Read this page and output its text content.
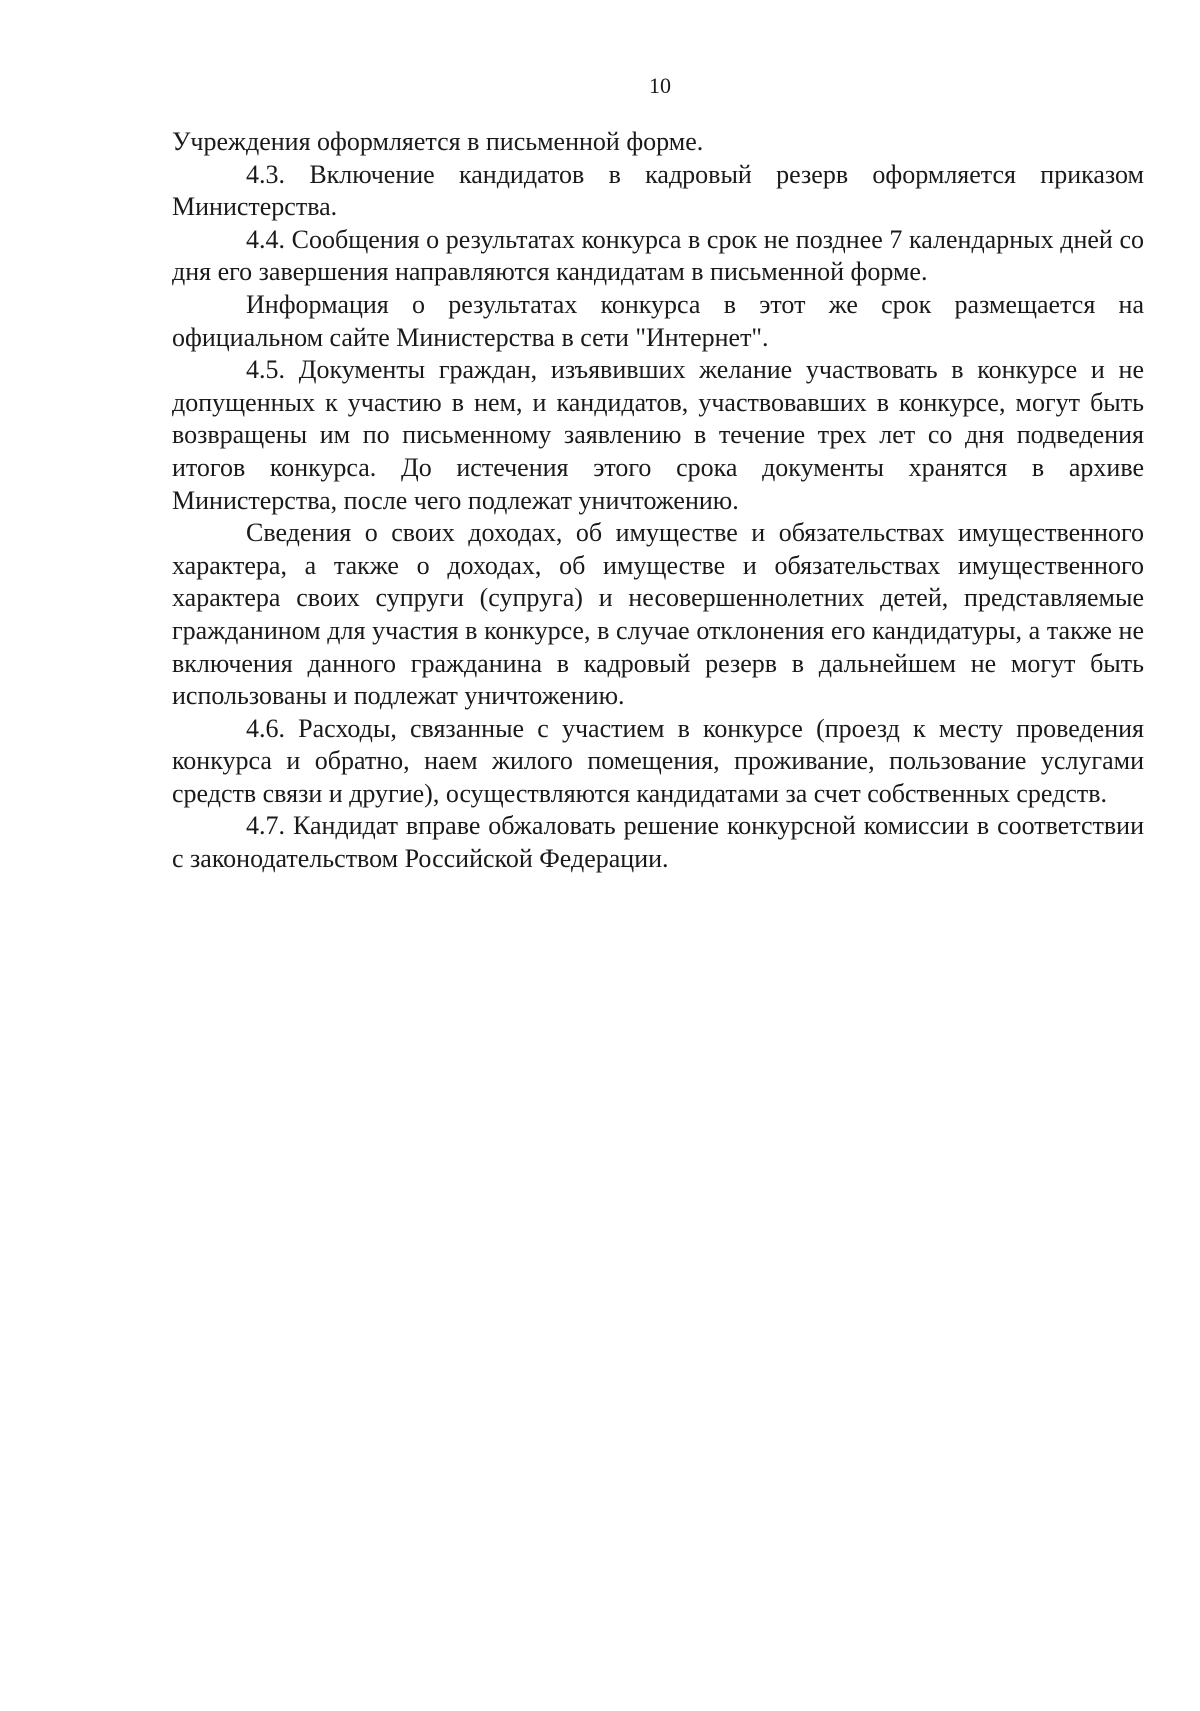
10

Учреждения оформляется в письменной форме.

4.3. Включение кандидатов в кадровый резерв оформляется приказом Министерства.

4.4. Сообщения о результатах конкурса в срок не позднее 7 календарных дней со дня его завершения направляются кандидатам в письменной форме.

Информация о результатах конкурса в этот же срок размещается на официальном сайте Министерства в сети "Интернет".

4.5. Документы граждан, изъявивших желание участвовать в конкурсе и не допущенных к участию в нем, и кандидатов, участвовавших в конкурсе, могут быть возвращены им по письменному заявлению в течение трех лет со дня подведения итогов конкурса. До истечения этого срока документы хранятся в архиве Министерства, после чего подлежат уничтожению.

Сведения о своих доходах, об имуществе и обязательствах имущественного характера, а также о доходах, об имуществе и обязательствах имущественного характера своих супруги (супруга) и несовершеннолетних детей, представляемые гражданином для участия в конкурсе, в случае отклонения его кандидатуры, а также не включения данного гражданина в кадровый резерв в дальнейшем не могут быть использованы и подлежат уничтожению.

4.6. Расходы, связанные с участием в конкурсе (проезд к месту проведения конкурса и обратно, наем жилого помещения, проживание, пользование услугами средств связи и другие), осуществляются кандидатами за счет собственных средств.

4.7. Кандидат вправе обжаловать решение конкурсной комиссии в соответствии с законодательством Российской Федерации.
